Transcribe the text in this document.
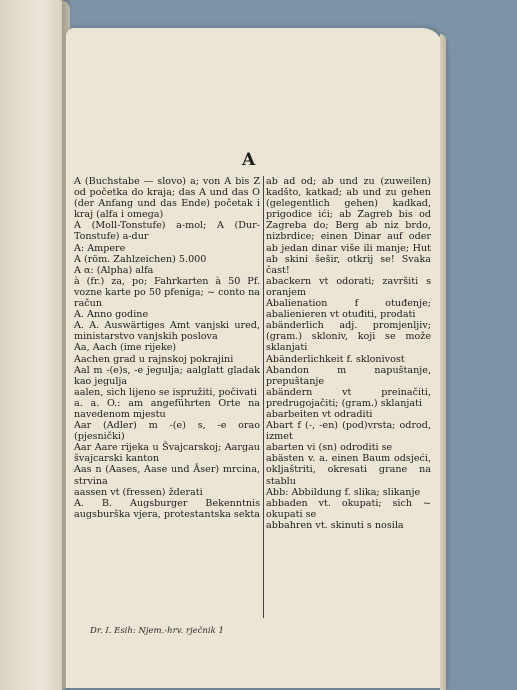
A
A (Buchstabe — slovo) a; von A bis Z od početka do kraja; das A und das O (der Anfang und das Ende) početak i kraj (alfa i omega)
A (Moll-Tonstufe) a-mol; A (Dur-Tonstufe) a-dur
A: Ampere
A (röm. Zahlzeichen) 5.000
A α: (Alpha) alfa
à (fr.) za, po; Fahrkarten à 50 Pf. vozne karte po 50 pfeniga; ~ conto na račun
A. Anno godine
A. A. Auswärtiges Amt vanjski ured, ministarstvo vanjskih poslova
Aa, Aach (ime rijeke)
Aachen grad u rajnskoj pokrajini
Aal m -(e)s, -e jegulja; aalglatt gladak kao jegulja
aalen, sich lijeno se ispružiti, počivati
a. a. O.: am angeführten Orte na navedenom mjestu
Aar (Adler) m -(e) s, -e orao (pjesnički)
Aar Aare rijeka u Švajcarskoj; Aargau švajcarski kanton
Aas n (Aases, Aase und Äser) mrcina, strvina
aassen vt (fressen) žderati
A. B. Augsburger Bekenntnis augsburška vjera, protestantska sekta
ab ad od; ab und zu (zuweilen) kadšto, katkad; ab und zu gehen (gelegentlich gehen) kadkad, prigodice ići; ab Zagreb bis od Zagreba do; Berg ab niz brdo, nizbrdice; einen Dinar auf oder ab jedan dinar više ili manje; Hut ab skini šešir, otkrij se! Svaka čast!
abackern vt odorati; završiti s oranjem
Abalienation f otuđenje; abalienieren vt otuđiti, prodati
abänderlich adj. promjenljiv; (gram.) skloniv, koji se može sklanjati
Abänderlichkeit f. sklonivost
Abandon m napuštanje, prepuštanje
abändern vt preinačiti, predrugojačiti; (gram.) sklanjati
abarbeiten vt odraditi
Abart f (-, -en) (pod)vrsta; odrod, izmet
abarten vi (sn) odroditi se
abästen v. a. einen Baum odsjeći, okljaštriti, okresati grane na stablu
Abb: Abbildung f. slika; slikanje
abbaden vt. okupati; sich ~ okupati se
abbahren vt. skinuti s nosila
Dr. I. Esih: Njem.-hrv. rječnik 1
